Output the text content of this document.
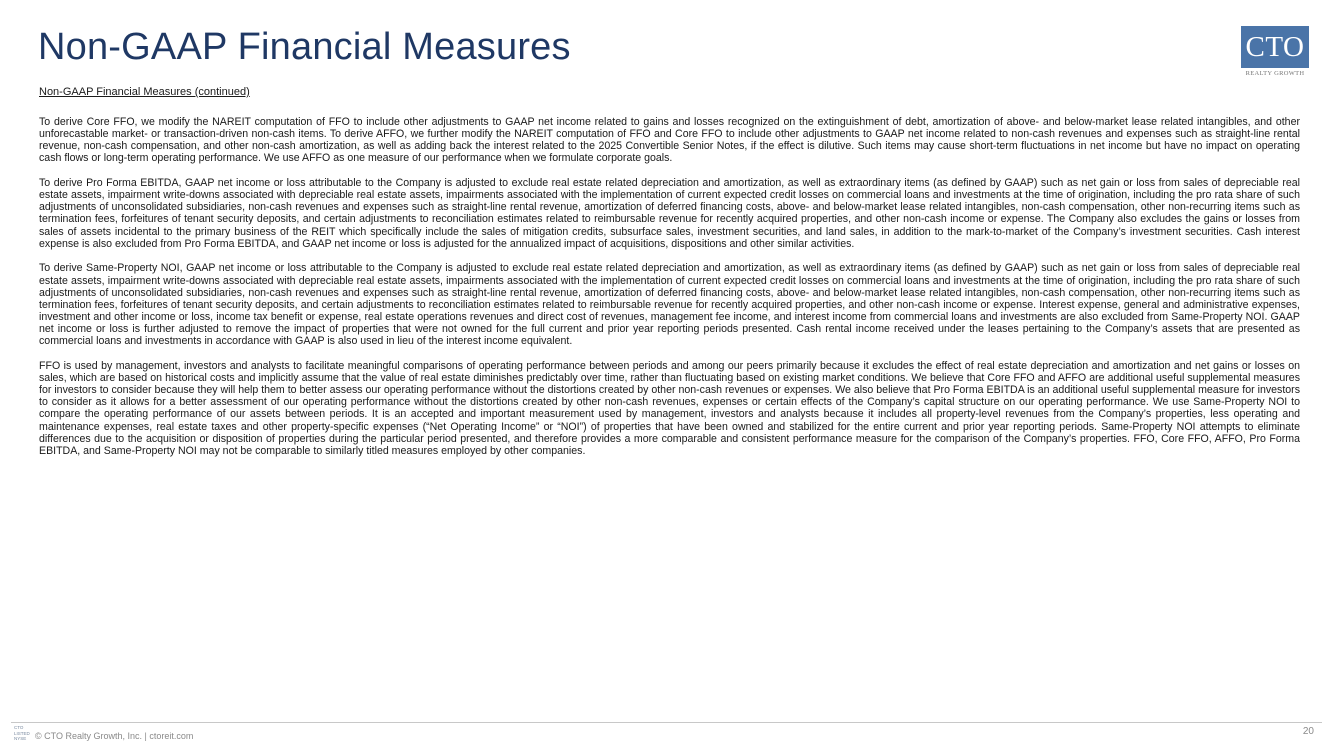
Non-GAAP Financial Measures	CTO
REALTY GROWTH
Non-GAAP Financial Measures (continued)

To derive Core FFO, we modify the NAREIT computation of FFO to include other adjustments to GAAP net income related to gains and losses recognized on the extinguishment of debt, amortization of above- and below-market lease related intangibles, and other unforecastable market- or transaction-driven non-cash items. To derive AFFO, we further modify the NAREIT computation of FFO and Core FFO to include other adjustments to GAAP net income related to non-cash revenues and expenses such as straight-line rental revenue, non-cash compensation, and other non-cash amortization, as well as adding back the interest related to the 2025 Convertible Senior Notes, if the effect is dilutive. Such items may cause short-term fluctuations in net income but have no impact on operating cash flows or long-term operating performance. We use AFFO as one measure of our performance when we formulate corporate goals.

To derive Pro Forma EBITDA, GAAP net income or loss attributable to the Company is adjusted to exclude real estate related depreciation and amortization, as well as extraordinary items (as defined by GAAP) such as net gain or loss from sales of depreciable real estate assets, impairment write-downs associated with depreciable real estate assets, impairments associated with the implementation of current expected credit losses on commercial loans and investments at the time of origination, including the pro rata share of such adjustments of unconsolidated subsidiaries, non-cash revenues and expenses such as straight-line rental revenue, amortization of deferred financing costs, above- and below-market lease related intangibles, non-cash compensation, other non-recurring items such as termination fees, forfeitures of tenant security deposits, and certain adjustments to reconciliation estimates related to reimbursable revenue for recently acquired properties, and other non-cash income or expense. The Company also excludes the gains or losses from sales of assets incidental to the primary business of the REIT which specifically include the sales of mitigation credits, subsurface sales, investment securities, and land sales, in addition to the mark-to-market of the Company’s investment securities. Cash interest expense is also excluded from Pro Forma EBITDA, and GAAP net income or loss is adjusted for the annualized impact of acquisitions, dispositions and other similar activities.

To derive Same-Property NOI, GAAP net income or loss attributable to the Company is adjusted to exclude real estate related depreciation and amortization, as well as extraordinary items (as defined by GAAP) such as net gain or loss from sales of depreciable real estate assets, impairment write-downs associated with depreciable real estate assets, impairments associated with the implementation of current expected credit losses on commercial loans and investments at the time of origination, including the pro rata share of such adjustments of unconsolidated subsidiaries, non-cash revenues and expenses such as straight-line rental revenue, amortization of deferred financing costs, above- and below-market lease related intangibles, non-cash compensation, other non-recurring items such as termination fees, forfeitures of tenant security deposits, and certain adjustments to reconciliation estimates related to reimbursable revenue for recently acquired properties, and other non-cash income or expense. Interest expense, general and administrative expenses, investment and other income or loss, income tax benefit or expense, real estate operations revenues and direct cost of revenues, management fee income, and interest income from commercial loans and investments are also excluded from Same-Property NOI. GAAP net income or loss is further adjusted to remove the impact of properties that were not owned for the full current and prior year reporting periods presented. Cash rental income received under the leases pertaining to the Company’s assets that are presented as commercial loans and investments in accordance with GAAP is also used in lieu of the interest income equivalent.

FFO is used by management, investors and analysts to facilitate meaningful comparisons of operating performance between periods and among our peers primarily because it excludes the effect of real estate depreciation and amortization and net gains or losses on sales, which are based on historical costs and implicitly assume that the value of real estate diminishes predictably over time, rather than fluctuating based on existing market conditions. We believe that Core FFO and AFFO are additional useful supplemental measures for investors to consider because they will help them to better assess our operating performance without the distortions created by other non-cash revenues or expenses. We also believe that Pro Forma EBITDA is an additional useful supplemental measure for investors to consider as it allows for a better assessment of our operating performance without the distortions created by other non-cash revenues, expenses or certain effects of the Company’s capital structure on our operating performance. We use Same-Property NOI to compare the operating performance of our assets between periods. It is an accepted and important measurement used by management, investors and analysts because it includes all property-level revenues from the Company’s properties, less operating and maintenance expenses, real estate taxes and other property-specific expenses (“Net Operating Income” or “NOI”) of properties that have been owned and stabilized for the entire current and prior year reporting periods. Same-Property NOI attempts to eliminate differences due to the acquisition or disposition of properties during the particular period presented, and therefore provides a more comparable and consistent performance measure for the comparison of the Company’s properties. FFO, Core FFO, AFFO, Pro Forma EBITDA, and Same-Property NOI may not be comparable to similarly titled measures employed by other companies.

CTO
LISTED
NYSE © CTO Realty Growth, Inc. | ctoreit.com	20
